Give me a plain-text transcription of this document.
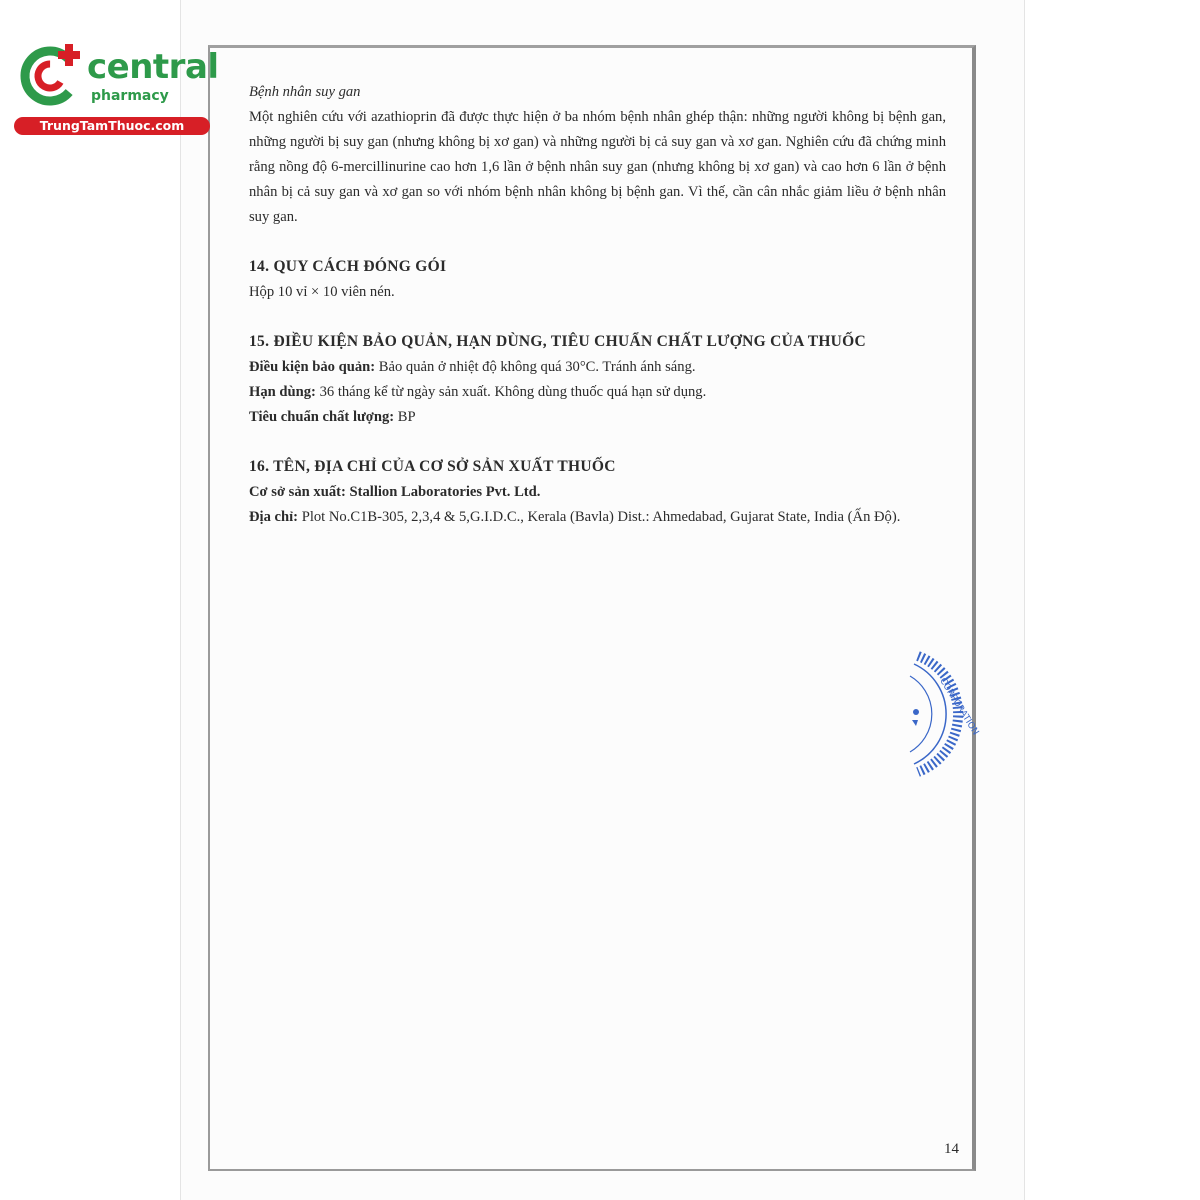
central
pharmacy
TrungTamThuoc.com

Bệnh nhân suy gan

Một nghiên cứu với azathioprin đã được thực hiện ở ba nhóm bệnh nhân ghép thận: những người không bị bệnh gan, những người bị suy gan (nhưng không bị xơ gan) và những người bị cả suy gan và xơ gan. Nghiên cứu đã chứng minh rằng nồng độ 6-mercillinurine cao hơn 1,6 lần ở bệnh nhân suy gan (nhưng không bị xơ gan) và cao hơn 6 lần ở bệnh nhân bị cả suy gan và xơ gan so với nhóm bệnh nhân không bị bệnh gan. Vì thế, cần cân nhắc giảm liều ở bệnh nhân suy gan.

14. QUY CÁCH ĐÓNG GÓI

Hộp 10 vỉ × 10 viên nén.

15. ĐIỀU KIỆN BẢO QUẢN, HẠN DÙNG, TIÊU CHUẨN CHẤT LƯỢNG CỦA THUỐC

Điều kiện bảo quản: Bảo quản ở nhiệt độ không quá 30°C. Tránh ánh sáng.

Hạn dùng: 36 tháng kể từ ngày sản xuất. Không dùng thuốc quá hạn sử dụng.

Tiêu chuẩn chất lượng: BP

16. TÊN, ĐỊA CHỈ CỦA CƠ SỞ SẢN XUẤT THUỐC

Cơ sở sản xuất: Stallion Laboratories Pvt. Ltd.

Địa chỉ: Plot No.C1B-305, 2,3,4 & 5,G.I.D.C., Kerala (Bavla) Dist.: Ahmedabad, Gujarat State, India (Ấn Độ).

CORPORATION
14
